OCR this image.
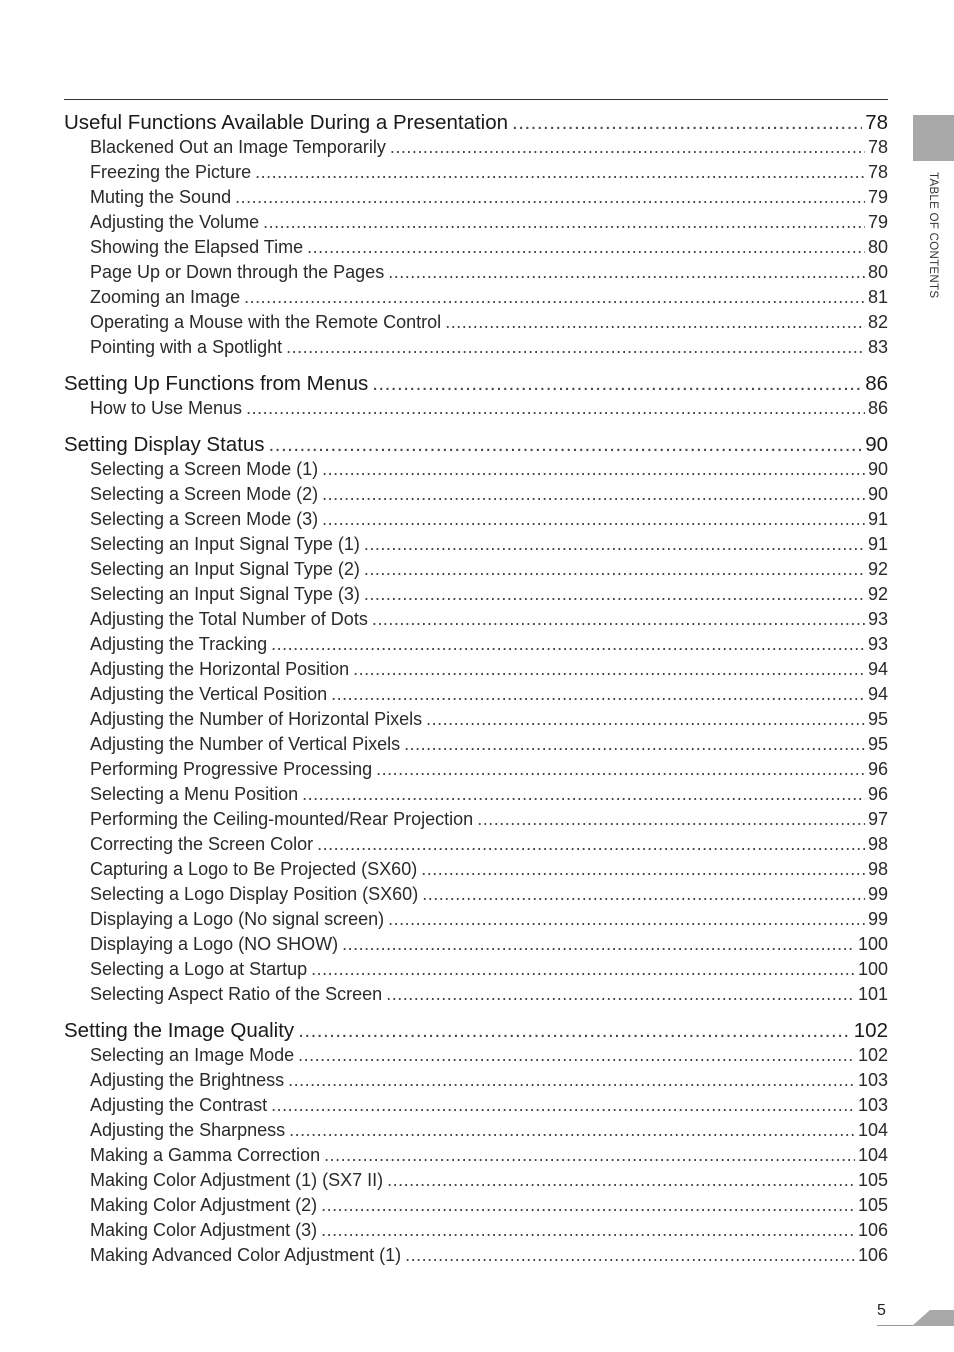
TABLE OF CONTENTS
Useful Functions Available During a Presentation .....	78
Blackened Out an Image Temporarily .....	78
Freezing the Picture .....	78
Muting the Sound .....	79
Adjusting the Volume .....	79
Showing the Elapsed Time .....	80
Page Up or Down through the Pages .....	80
Zooming an Image .....	81
Operating a Mouse with the Remote Control .....	82
Pointing with a Spotlight .....	83
Setting Up Functions from Menus .....	86
How to Use Menus .....	86
Setting Display Status .....	90
Selecting a Screen Mode (1) .....	90
Selecting a Screen Mode (2) .....	90
Selecting a Screen Mode (3) .....	91
Selecting an Input Signal Type (1) .....	91
Selecting an Input Signal Type (2) .....	92
Selecting an Input Signal Type (3) .....	92
Adjusting the Total Number of Dots .....	93
Adjusting the Tracking .....	93
Adjusting the Horizontal Position .....	94
Adjusting the Vertical Position .....	94
Adjusting the Number of Horizontal Pixels .....	95
Adjusting the Number of Vertical Pixels .....	95
Performing Progressive Processing .....	96
Selecting a Menu Position .....	96
Performing the Ceiling-mounted/Rear Projection .....	97
Correcting the Screen Color .....	98
Capturing a Logo to Be Projected (SX60) .....	98
Selecting a Logo Display Position (SX60) .....	99
Displaying a Logo (No signal screen) .....	99
Displaying a Logo (NO SHOW) .....	100
Selecting a Logo at Startup .....	100
Selecting Aspect Ratio of the Screen .....	101
Setting the Image Quality .....	102
Selecting an Image Mode .....	102
Adjusting the Brightness .....	103
Adjusting the Contrast .....	103
Adjusting the Sharpness .....	104
Making a Gamma Correction .....	104
Making Color Adjustment (1) (SX7 II) .....	105
Making Color Adjustment (2) .....	105
Making Color Adjustment (3) .....	106
Making Advanced Color Adjustment (1) .....	106
5
